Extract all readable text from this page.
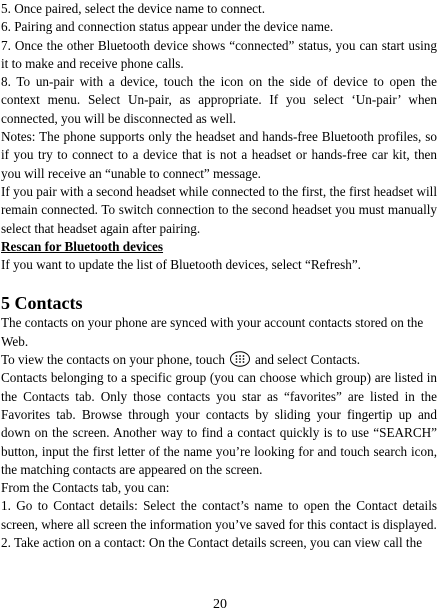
5. Once paired, select the device name to connect.

6. Pairing and connection status appear under the device name.

7. Once the other Bluetooth device shows “connected” status, you can start using it to make and receive phone calls.

8. To un-pair with a device, touch the icon on the side of device to open the context menu. Select Un-pair, as appropriate. If you select ‘Un-pair’ when connected, you will be disconnected as well.

Notes: The phone supports only the headset and hands-free Bluetooth profiles, so if you try to connect to a device that is not a headset or hands-free car kit, then you will receive an “unable to connect” message.

If you pair with a second headset while connected to the first, the first headset will remain connected. To switch connection to the second headset you must manually select that headset again after pairing.

Rescan for Bluetooth devices

If you want to update the list of Bluetooth devices, select “Refresh”.

5 Contacts

The contacts on your phone are synced with your account contacts stored on the Web.

To view the contacts on your phone, touch and select Contacts.

Contacts belonging to a specific group (you can choose which group) are listed in the Contacts tab. Only those contacts you star as “favorites” are listed in the Favorites tab. Browse through your contacts by sliding your fingertip up and down on the screen. Another way to find a contact quickly is to use “SEARCH” button, input the first letter of the name you’re looking for and touch search icon, the matching contacts are appeared on the screen.

From the Contacts tab, you can:

1. Go to Contact details: Select the contact’s name to open the Contact details screen, where all screen the information you’ve saved for this contact is displayed.

2. Take action on a contact: On the Contact details screen, you can view call the

20
